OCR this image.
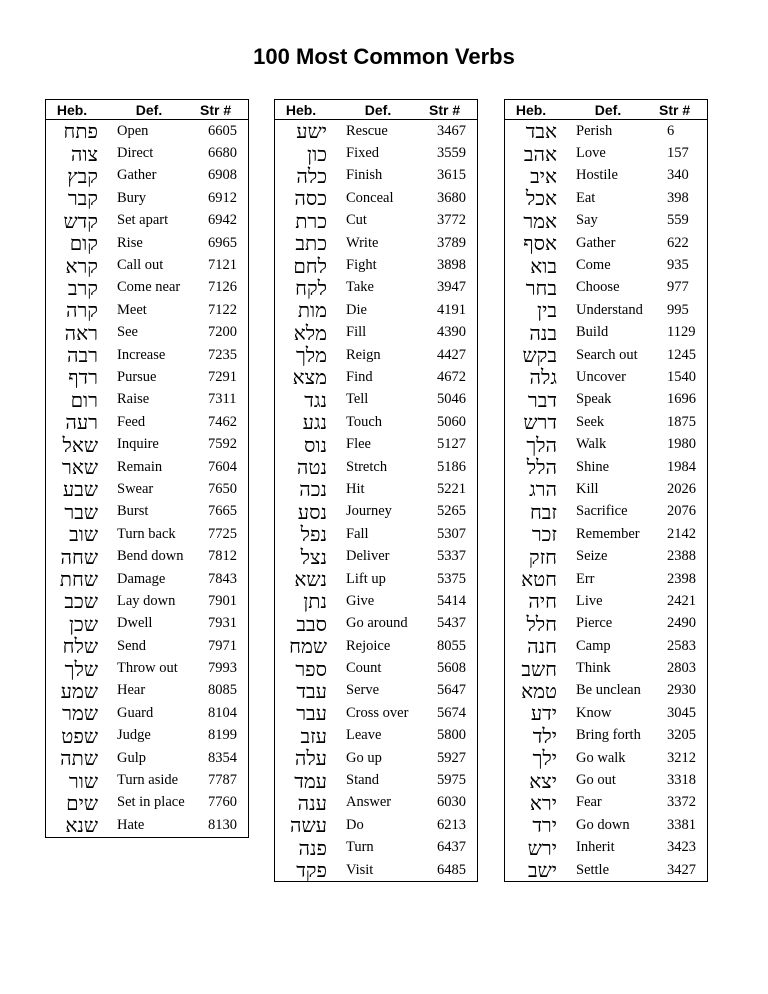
100 Most Common Verbs
Heb.	Def.	Str #
פתח	Open	6605
צוה	Direct	6680
קבץ	Gather	6908
קבר	Bury	6912
קדש	Set apart	6942
קום	Rise	6965
קרא	Call out	7121
קרב	Come near	7126
קרה	Meet	7122
ראה	See	7200
רבה	Increase	7235
רדף	Pursue	7291
רום	Raise	7311
רעה	Feed	7462
שאל	Inquire	7592
שאר	Remain	7604
שבע	Swear	7650
שבר	Burst	7665
שוב	Turn back	7725
שחה	Bend down	7812
שחת	Damage	7843
שכב	Lay down	7901
שכן	Dwell	7931
שלח	Send	7971
שלך	Throw out	7993
שמע	Hear	8085
שמר	Guard	8104
שפט	Judge	8199
שתה	Gulp	8354
שור	Turn aside	7787
שים	Set in place	7760
שנא	Hate	8130
Heb.	Def.	Str #
ישע	Rescue	3467
כון	Fixed	3559
כלה	Finish	3615
כסה	Conceal	3680
כרת	Cut	3772
כתב	Write	3789
לחם	Fight	3898
לקח	Take	3947
מות	Die	4191
מלא	Fill	4390
מלך	Reign	4427
מצא	Find	4672
נגד	Tell	5046
נגע	Touch	5060
נוס	Flee	5127
נטה	Stretch	5186
נכה	Hit	5221
נסע	Journey	5265
נפל	Fall	5307
נצל	Deliver	5337
נשא	Lift up	5375
נתן	Give	5414
סבב	Go around	5437
שמח	Rejoice	8055
ספר	Count	5608
עבד	Serve	5647
עבר	Cross over	5674
עזב	Leave	5800
עלה	Go up	5927
עמד	Stand	5975
ענה	Answer	6030
עשה	Do	6213
פנה	Turn	6437
פקד	Visit	6485
Heb.	Def.	Str #
אבד	Perish	6
אהב	Love	157
איב	Hostile	340
אכל	Eat	398
אמר	Say	559
אסף	Gather	622
בוא	Come	935
בחר	Choose	977
בין	Understand	995
בנה	Build	1129
בקש	Search out	1245
גלה	Uncover	1540
דבר	Speak	1696
דרש	Seek	1875
הלך	Walk	1980
הלל	Shine	1984
הרג	Kill	2026
זבח	Sacrifice	2076
זכר	Remember	2142
חזק	Seize	2388
חטא	Err	2398
חיה	Live	2421
חלל	Pierce	2490
חנה	Camp	2583
חשב	Think	2803
טמא	Be unclean	2930
ידע	Know	3045
ילד	Bring forth	3205
ילך	Go walk	3212
יצא	Go out	3318
ירא	Fear	3372
ירד	Go down	3381
ירש	Inherit	3423
ישב	Settle	3427
